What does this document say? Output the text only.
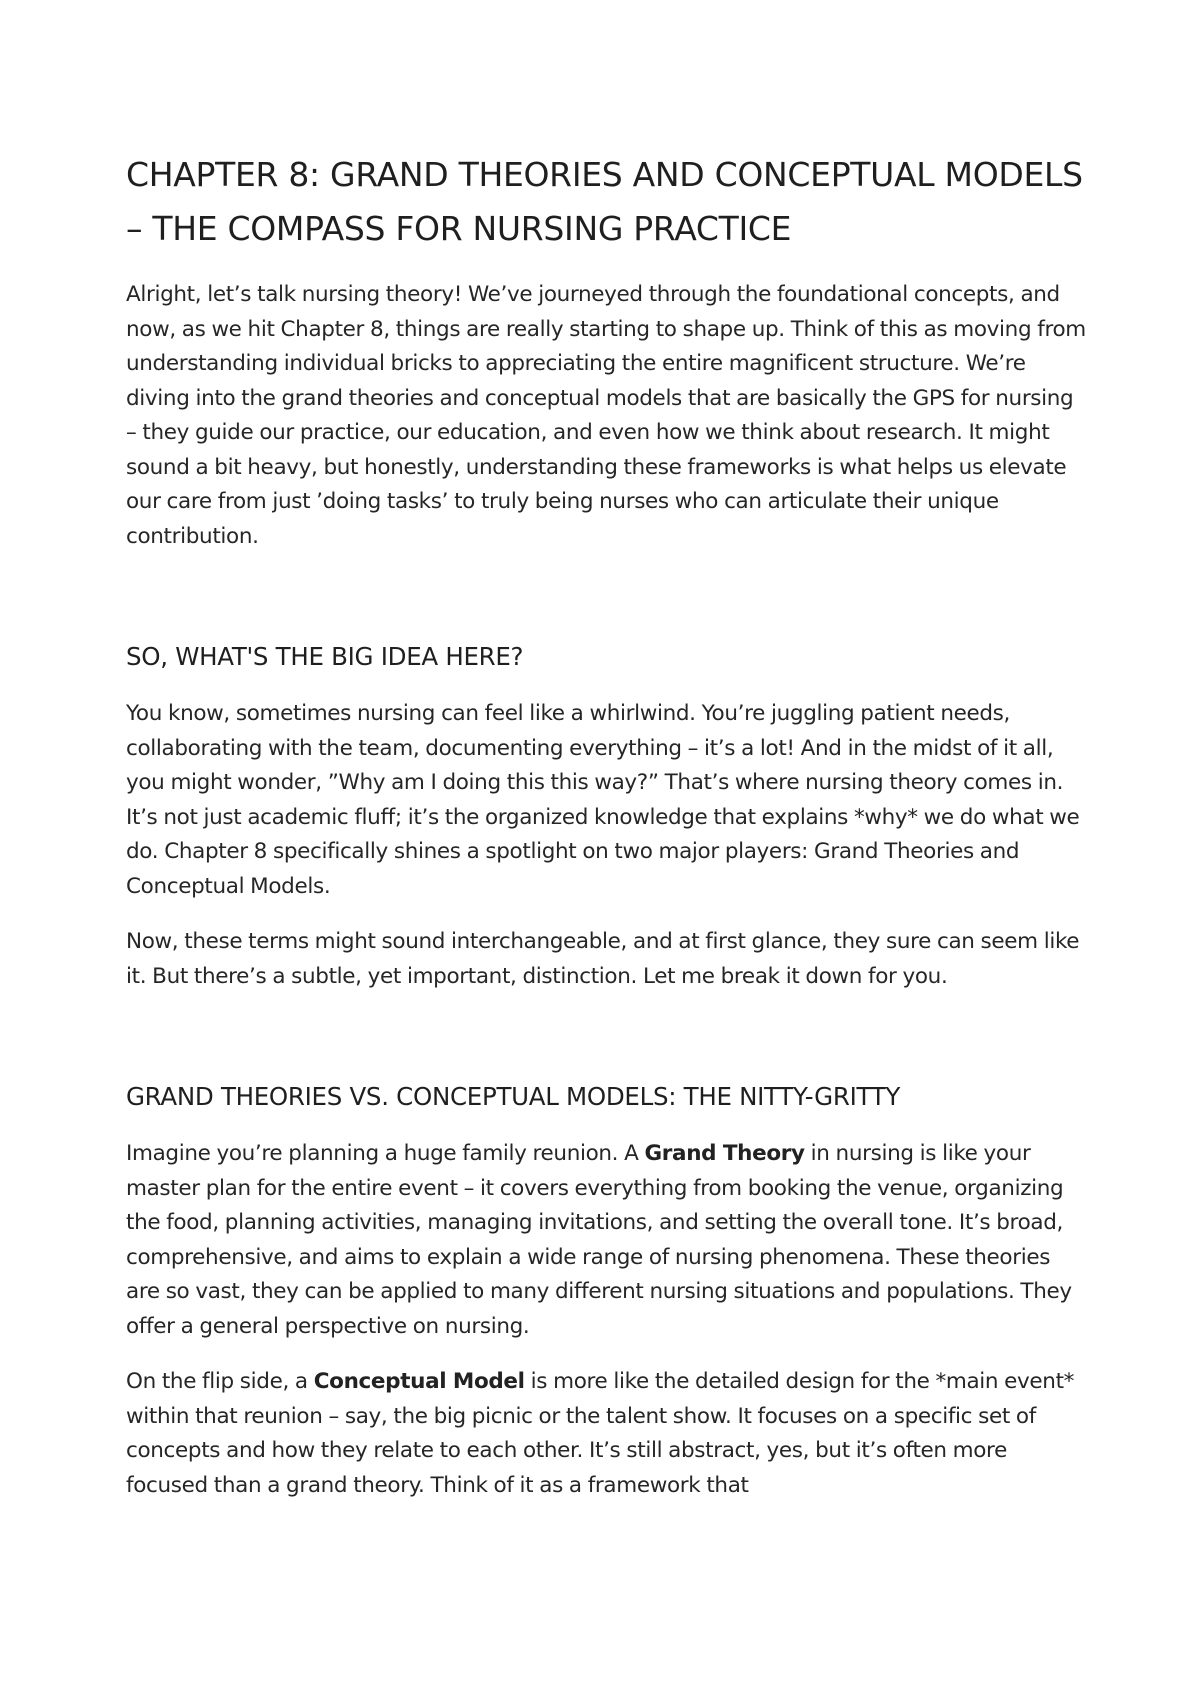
CHAPTER 8: GRAND THEORIES AND CONCEPTUAL MODELS – THE COMPASS FOR NURSING PRACTICE

Alright, let’s talk nursing theory! We’ve journeyed through the foundational concepts, and now, as we hit Chapter 8, things are really starting to shape up. Think of this as moving from understanding individual bricks to appreciating the entire magnificent structure. We’re diving into the grand theories and conceptual models that are basically the GPS for nursing – they guide our practice, our education, and even how we think about research. It might sound a bit heavy, but honestly, understanding these frameworks is what helps us elevate our care from just ’doing tasks’ to truly being nurses who can articulate their unique contribution.

SO, WHAT'S THE BIG IDEA HERE?

You know, sometimes nursing can feel like a whirlwind. You’re juggling patient needs, collaborating with the team, documenting everything – it’s a lot! And in the midst of it all, you might wonder, ”Why am I doing this this way?” That’s where nursing theory comes in. It’s not just academic fluff; it’s the organized knowledge that explains *why* we do what we do. Chapter 8 specifically shines a spotlight on two major players: Grand Theories and Conceptual Models.

Now, these terms might sound interchangeable, and at first glance, they sure can seem like it. But there’s a subtle, yet important, distinction. Let me break it down for you.

GRAND THEORIES VS. CONCEPTUAL MODELS: THE NITTY-GRITTY

Imagine you’re planning a huge family reunion. A Grand Theory in nursing is like your master plan for the entire event – it covers everything from booking the venue, organizing the food, planning activities, managing invitations, and setting the overall tone. It’s broad, comprehensive, and aims to explain a wide range of nursing phenomena. These theories are so vast, they can be applied to many different nursing situations and populations. They offer a general perspective on nursing.

On the flip side, a Conceptual Model is more like the detailed design for the *main event* within that reunion – say, the big picnic or the talent show. It focuses on a specific set of concepts and how they relate to each other. It’s still abstract, yes, but it’s often more focused than a grand theory. Think of it as a framework that
